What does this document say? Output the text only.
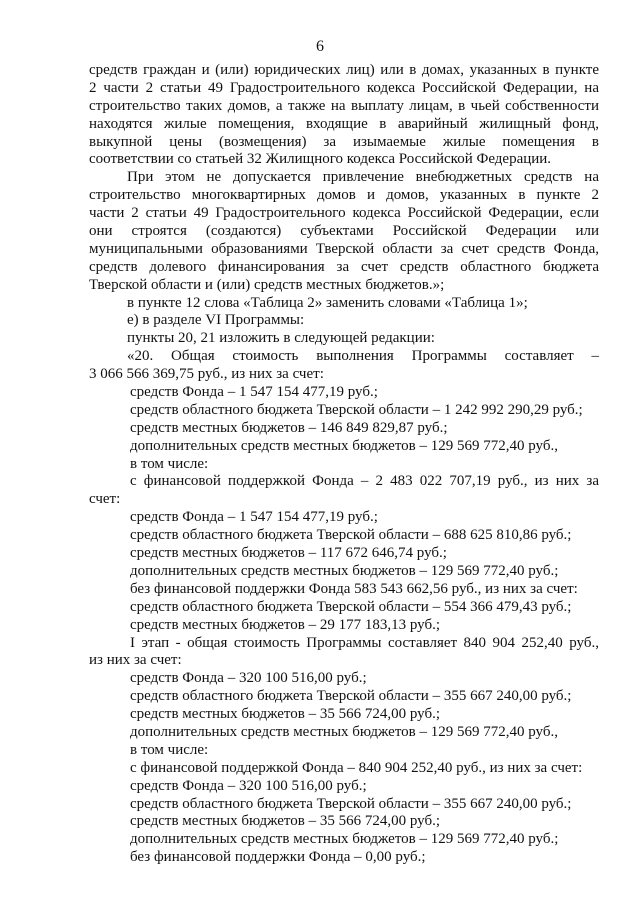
6
средств граждан и (или) юридических лиц) или в домах, указанных в пункте
2 части 2 статьи 49 Градостроительного кодекса Российской Федерации, на
строительство таких домов, а также на выплату лицам, в чьей собственности
находятся жилые помещения, входящие в аварийный жилищный фонд,
выкупной цены (возмещения) за изымаемые жилые помещения в
соответствии со статьей 32 Жилищного кодекса Российской Федерации.
При этом не допускается привлечение внебюджетных средств на
строительство многоквартирных домов и домов, указанных в пункте 2
части 2 статьи 49 Градостроительного кодекса Российской Федерации, если
они строятся (создаются) субъектами Российской Федерации или
муниципальными образованиями Тверской области за счет средств Фонда,
средств долевого финансирования за счет средств областного бюджета
Тверской области и (или) средств местных бюджетов.»;
в пункте 12 слова «Таблица 2» заменить словами «Таблица 1»;
е) в разделе VI Программы:
пункты 20, 21 изложить в следующей редакции:
«20. Общая стоимость выполнения Программы составляет –
3 066 566 369,75 руб., из них за счет:
средств Фонда – 1 547 154 477,19 руб.;
средств областного бюджета Тверской области – 1 242 992 290,29 руб.;
средств местных бюджетов – 146 849 829,87 руб.;
дополнительных средств местных бюджетов – 129 569 772,40 руб.,
в том числе:
с финансовой поддержкой Фонда – 2 483 022 707,19 руб., из них за
счет:
средств Фонда – 1 547 154 477,19 руб.;
средств областного бюджета Тверской области – 688 625 810,86 руб.;
средств местных бюджетов – 117 672 646,74 руб.;
дополнительных средств местных бюджетов – 129 569 772,40 руб.;
без финансовой поддержки Фонда 583 543 662,56 руб., из них за счет:
средств областного бюджета Тверской области – 554 366 479,43 руб.;
средств местных бюджетов – 29 177 183,13 руб.;
I этап - общая стоимость Программы составляет 840 904 252,40 руб.,
из них за счет:
средств Фонда – 320 100 516,00 руб.;
средств областного бюджета Тверской области – 355 667 240,00 руб.;
средств местных бюджетов – 35 566 724,00 руб.;
дополнительных средств местных бюджетов – 129 569 772,40 руб.,
в том числе:
с финансовой поддержкой Фонда – 840 904 252,40 руб., из них за счет:
средств Фонда – 320 100 516,00 руб.;
средств областного бюджета Тверской области – 355 667 240,00 руб.;
средств местных бюджетов – 35 566 724,00 руб.;
дополнительных средств местных бюджетов – 129 569 772,40 руб.;
без финансовой поддержки Фонда – 0,00 руб.;
